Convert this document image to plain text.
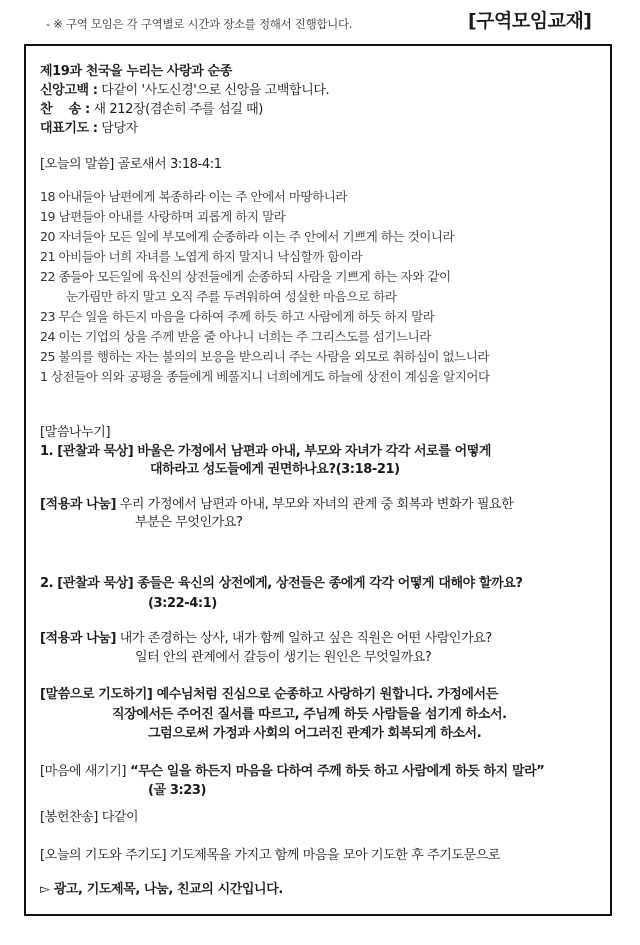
- ※ 구역 모임은 각 구역별로 시간과 장소를 정해서 진행합니다.	[구역모임교재]
제19과 천국을 누리는 사랑과 순종
신앙고백 : 다같이 '사도신경'으로 신앙을 고백합니다.
찬    송 : 새 212장(겸손히 주를 섬길 때)
대표기도 : 담당자
[오늘의 말씀] 골로새서 3:18-4:1
18 아내들아 남편에게 복종하라 이는 주 안에서 마땅하니라
19 남편들아 아내를 사랑하며 괴롭게 하지 말라
20 자녀들아 모든 일에 부모에게 순종하라 이는 주 안에서 기쁘게 하는 것이니라
21 아비들아 너희 자녀를 노엽게 하지 말지니 낙심할까 함이라
22 종들아 모든일에 육신의 상전들에게 순종하되 사람을 기쁘게 하는 자와 같이
눈가림만 하지 말고 오직 주를 두려워하여 성실한 마음으로 하라
23 무슨 일을 하든지 마음을 다하여 주께 하듯 하고 사람에게 하듯 하지 말라
24 이는 기업의 상을 주께 받을 줄 아나니 너희는 주 그리스도를 섬기느니라
25 불의를 행하는 자는 불의의 보응을 받으리니 주는 사람을 외모로 취하심이 없느니라
1 상전들아 의와 공평을 종들에게 베풀지니 너희에게도 하늘에 상전이 계심을 알지어다
[말씀나누기]
1. [관찰과 묵상] 바울은 가정에서 남편과 아내, 부모와 자녀가 각각 서로를 어떻게
대하라고 성도들에게 권면하나요?(3:18-21)
[적용과 나눔] 우리 가정에서 남편과 아내, 부모와 자녀의 관계 중 회복과 변화가 필요한
부분은 무엇인가요?
2. [관찰과 묵상] 종들은 육신의 상전에게, 상전들은 종에게 각각 어떻게 대해야 할까요?
(3:22-4:1)
[적용과 나눔] 내가 존경하는 상사, 내가 함께 일하고 싶은 직원은 어떤 사람인가요?
일터 안의 관계에서 갈등이 생기는 원인은 무엇일까요?
[말씀으로 기도하기] 예수님처럼 진심으로 순종하고 사랑하기 원합니다. 가정에서든
직장에서든 주어진 질서를 따르고, 주님께 하듯 사람들을 섬기게 하소서.
그럼으로써 가정과 사회의 어그러진 관계가 회복되게 하소서.
[마음에 새기기] “무슨 일을 하든지 마음을 다하여 주께 하듯 하고 사람에게 하듯 하지 말라”
(골 3:23)
[봉헌찬송] 다같이
[오늘의 기도와 주기도] 기도제목을 가지고 함께 마음을 모아 기도한 후 주기도문으로
▻ 광고, 기도제목, 나눔, 친교의 시간입니다.
